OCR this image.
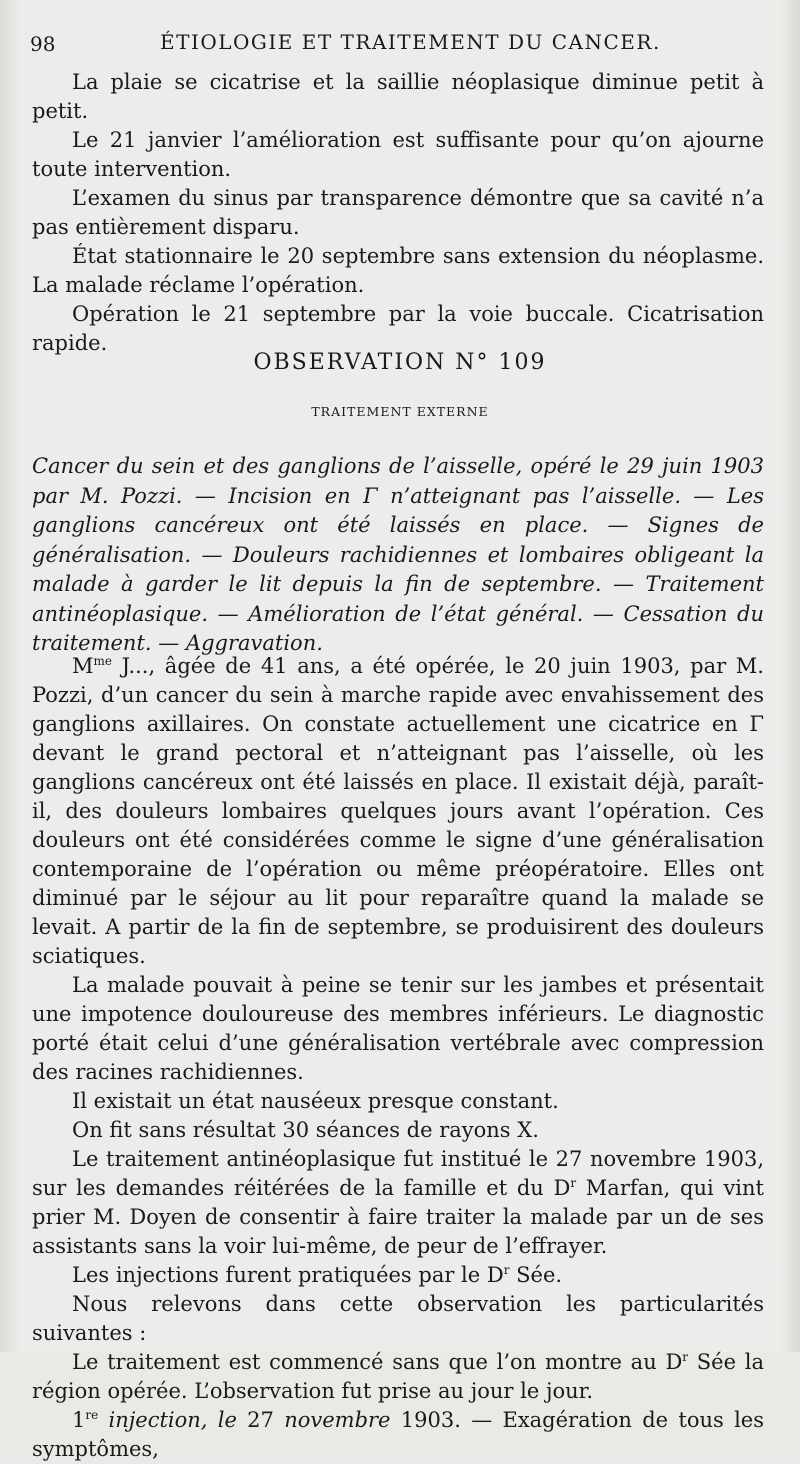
98	ÉTIOLOGIE ET TRAITEMENT DU CANCER.

La plaie se cicatrise et la saillie néoplasique diminue petit à petit.

Le 21 janvier l’amélioration est suffisante pour qu’on ajourne toute intervention.

L’examen du sinus par transparence démontre que sa cavité n’a pas entièrement disparu.

État stationnaire le 20 septembre sans extension du néoplasme. La malade réclame l’opération.

Opération le 21 septembre par la voie buccale. Cicatrisation rapide.

OBSERVATION N° 109
TRAITEMENT EXTERNE

Cancer du sein et des ganglions de l’aisselle, opéré le 29 juin 1903 par M. Pozzi. — Incision en Γ n’atteignant pas l’aisselle. — Les ganglions cancéreux ont été laissés en place. — Signes de généralisation. — Douleurs rachidiennes et lombaires obligeant la malade à garder le lit depuis la fin de septembre. — Traitement antinéoplasique. — Amélioration de l’état général. — Cessation du traitement. — Aggravation.

$M^{me}$ J..., âgée de 41 ans, a été opérée, le 20 juin 1903, par M. Pozzi, d’un cancer du sein à marche rapide avec envahissement des ganglions axillaires. On constate actuellement une cicatrice en Γ devant le grand pectoral et n’atteignant pas l’aisselle, où les ganglions cancéreux ont été laissés en place. Il existait déjà, paraît-il, des douleurs lombaires quelques jours avant l’opération. Ces douleurs ont été considérées comme le signe d’une généralisation contemporaine de l’opération ou même préopératoire. Elles ont diminué par le séjour au lit pour reparaître quand la malade se levait. A partir de la fin de septembre, se produisirent des douleurs sciatiques.

La malade pouvait à peine se tenir sur les jambes et présentait une impotence douloureuse des membres inférieurs. Le diagnostic porté était celui d’une généralisation vertébrale avec compression des racines rachidiennes.

Il existait un état nauséeux presque constant.

On fit sans résultat 30 séances de rayons X.

Le traitement antinéoplasique fut institué le 27 novembre 1903, sur les demandes réitérées de la famille et du $D^r$ Marfan, qui vint prier M. Doyen de consentir à faire traiter la malade par un de ses assistants sans la voir lui-même, de peur de l’effrayer.

Les injections furent pratiquées par le $D^r$ Sée.

Nous relevons dans cette observation les particularités suivantes :

Le traitement est commencé sans que l’on montre au $D^r$ Sée la région opérée. L’observation fut prise au jour le jour.

1re injection, le 27 novembre 1903. — Exagération de tous les symptômes,
